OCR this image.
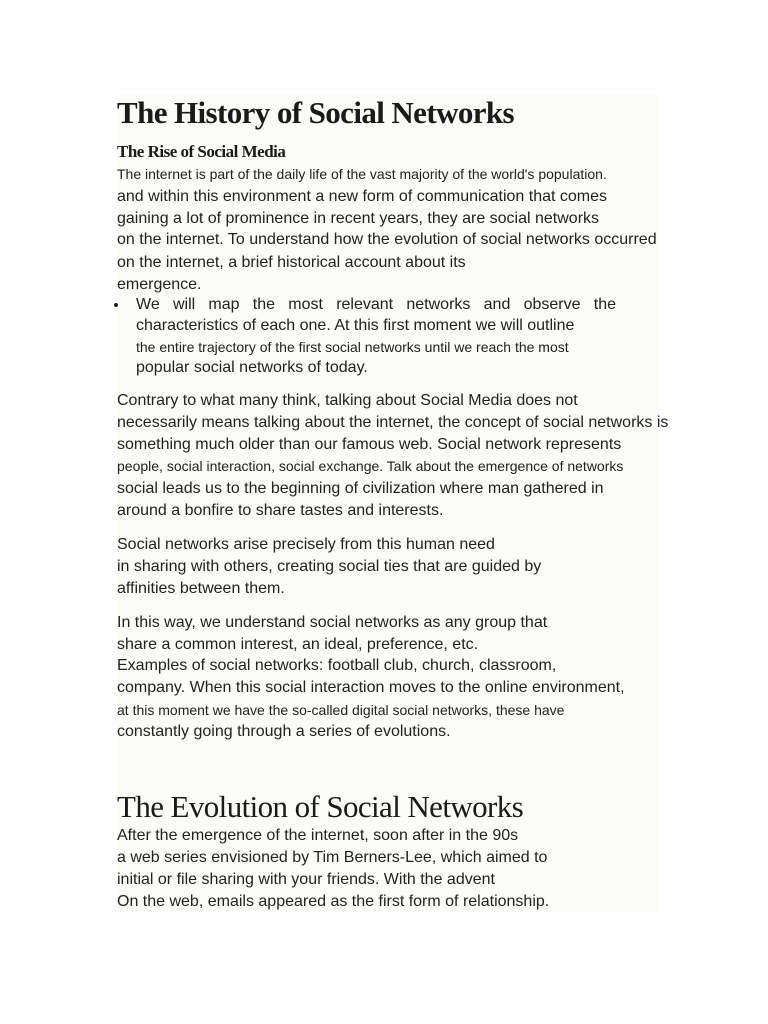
The History of Social Networks
The Rise of Social Media
The internet is part of the daily life of the vast majority of the world's population.
and within this environment a new form of communication that comes
gaining a lot of prominence in recent years, they are social networks
on the internet. To understand how the evolution of social networks occurred
on the internet, a brief historical account about its
emergence.
We will map the most relevant networks and observe the
characteristics of each one. At this first moment we will outline
the entire trajectory of the first social networks until we reach the most
popular social networks of today.
Contrary to what many think, talking about Social Media does not
necessarily means talking about the internet, the concept of social networks is
something much older than our famous web. Social network represents
people, social interaction, social exchange. Talk about the emergence of networks
social leads us to the beginning of civilization where man gathered in
around a bonfire to share tastes and interests.
Social networks arise precisely from this human need
in sharing with others, creating social ties that are guided by
affinities between them.
In this way, we understand social networks as any group that
share a common interest, an ideal, preference, etc.
Examples of social networks: football club, church, classroom,
company. When this social interaction moves to the online environment,
at this moment we have the so-called digital social networks, these have
constantly going through a series of evolutions.
The Evolution of Social Networks
After the emergence of the internet, soon after in the 90s
a web series envisioned by Tim Berners-Lee, which aimed to
initial or file sharing with your friends. With the advent
On the web, emails appeared as the first form of relationship.
